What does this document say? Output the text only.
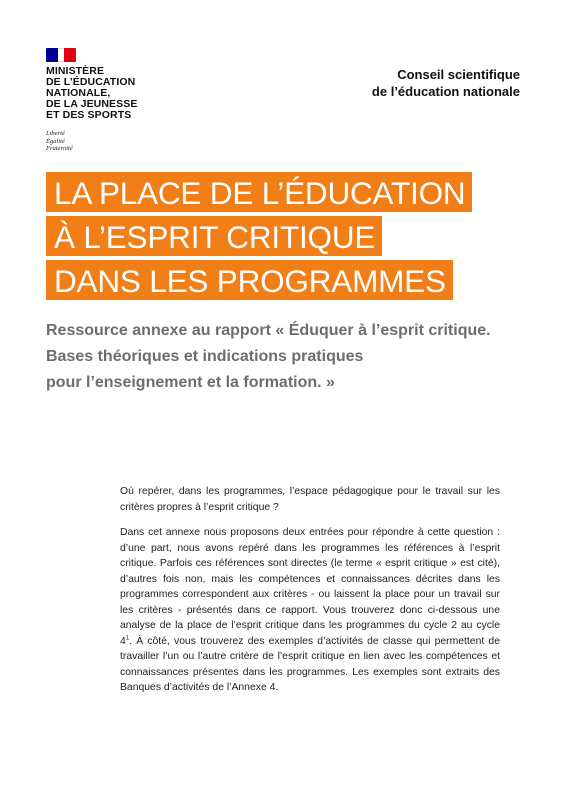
MINISTÈRE
DE L’ÉDUCATION
NATIONALE,
DE LA JEUNESSE
ET DES SPORTS

Liberté
Égalité
Fraternité
Conseil scientifique
de l’éducation nationale
LA PLACE DE L’ÉDUCATION
À L’ESPRIT CRITIQUE
DANS LES PROGRAMMES
Ressource annexe au rapport « Éduquer à l’esprit critique.
Bases théoriques et indications pratiques
pour l’enseignement et la formation. »

Où repérer, dans les programmes, l’espace pédagogique pour le travail sur les critères propres à l’esprit critique ?

Dans cet annexe nous proposons deux entrées pour répondre à cette question : d’une part, nous avons repéré dans les programmes les références à l’esprit critique. Parfois ces références sont directes (le terme « esprit critique » est cité), d’autres fois non, mais les compétences et connaissances décrites dans les programmes correspondent aux critères - ou laissent la place pour un travail sur les critères - présentés dans ce rapport. Vous trouverez donc ci-dessous une analyse de la place de l’esprit critique dans les programmes du cycle 2 au cycle $4^1$. À côté, vous trouverez des exemples d’activités de classe qui permettent de travailler l’un ou l’autre critère de l’esprit critique en lien avec les compétences et connaissances présentes dans les programmes. Les exemples sont extraits des Banques d’activités de l’Annexe 4.
